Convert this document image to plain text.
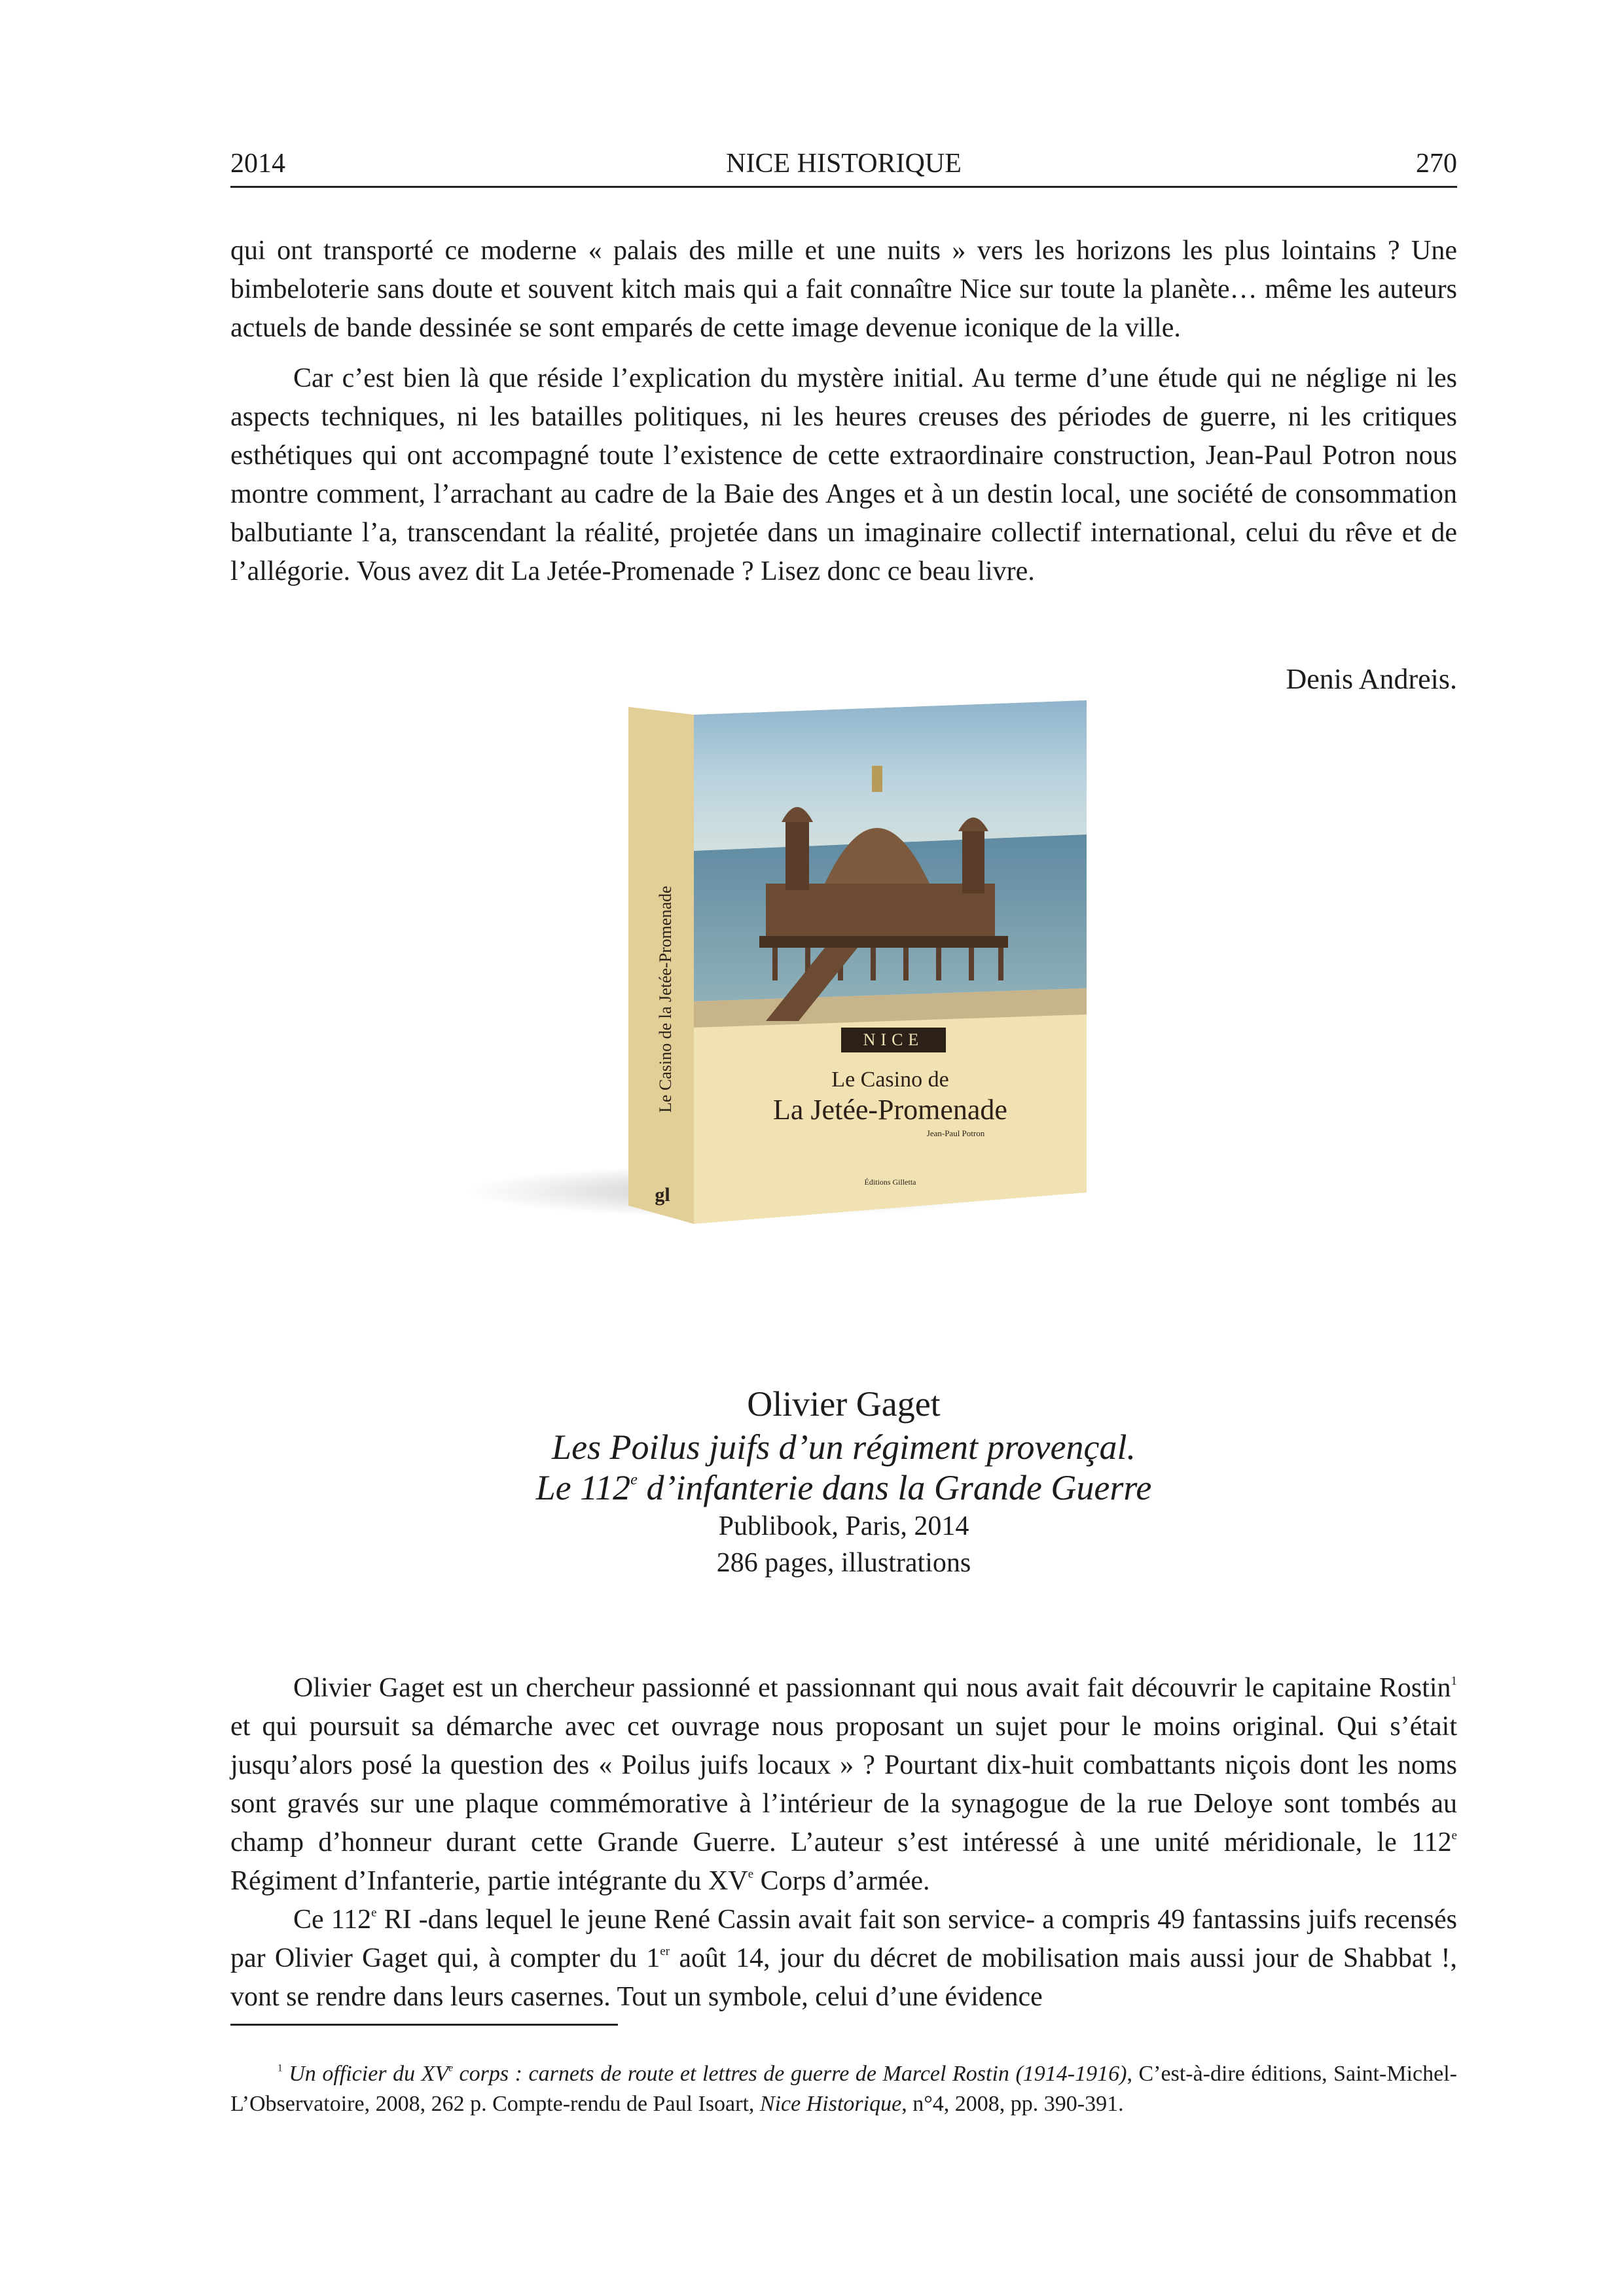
2014	NICE HISTORIQUE	270

qui ont transporté ce moderne « palais des mille et une nuits » vers les horizons les plus lointains ? Une bimbeloterie sans doute et souvent kitch mais qui a fait connaître Nice sur toute la planète… même les auteurs actuels de bande dessinée se sont emparés de cette image devenue iconique de la ville.

Car c’est bien là que réside l’explication du mystère initial. Au terme d’une étude qui ne néglige ni les aspects techniques, ni les batailles politiques, ni les heures creuses des périodes de guerre, ni les critiques esthétiques qui ont accompagné toute l’existence de cette extraordinaire construction, Jean-Paul Potron nous montre comment, l’arrachant au cadre de la Baie des Anges et à un destin local, une société de consommation balbutiante l’a, transcendant la réalité, projetée dans un imaginaire collectif international, celui du rêve et de l’allégorie. Vous avez dit La Jetée-Promenade ? Lisez donc ce beau livre.

Denis Andreis.
NICE
Le Casino de
La Jetée-Promenade
Jean-Paul Potron
Éditions Gilletta
Le Casino de la Jetée-Promenade
gl
Olivier Gaget
Les Poilus juifs d’un régiment provençal.
Le 112e d’infanterie dans la Grande Guerre
Publibook, Paris, 2014
286 pages, illustrations

Olivier Gaget est un chercheur passionné et passionnant qui nous avait fait découvrir le capitaine Rostin$^1$ et qui poursuit sa démarche avec cet ouvrage nous proposant un sujet pour le moins original. Qui s’était jusqu’alors posé la question des « Poilus juifs locaux » ? Pourtant dix-huit combattants niçois dont les noms sont gravés sur une plaque commémorative à l’intérieur de la synagogue de la rue Deloye sont tombés au champ d’honneur durant cette Grande Guerre. L’auteur s’est intéressé à une unité méridionale, le 112e Régiment d’Infanterie, partie intégrante du XVe Corps d’armée.

Ce 112e RI -dans lequel le jeune René Cassin avait fait son service- a compris 49 fantassins juifs recensés par Olivier Gaget qui, à compter du 1er août 14, jour du décret de mobilisation mais aussi jour de Shabbat !, vont se rendre dans leurs casernes. Tout un symbole, celui d’une évidence

$^1$ Un officier du XVe corps : carnets de route et lettres de guerre de Marcel Rostin (1914-1916), C’est-à-dire éditions, Saint-Michel-L’Observatoire, 2008, 262 p. Compte-rendu de Paul Isoart, Nice Historique, n°4, 2008, pp. 390-391.
